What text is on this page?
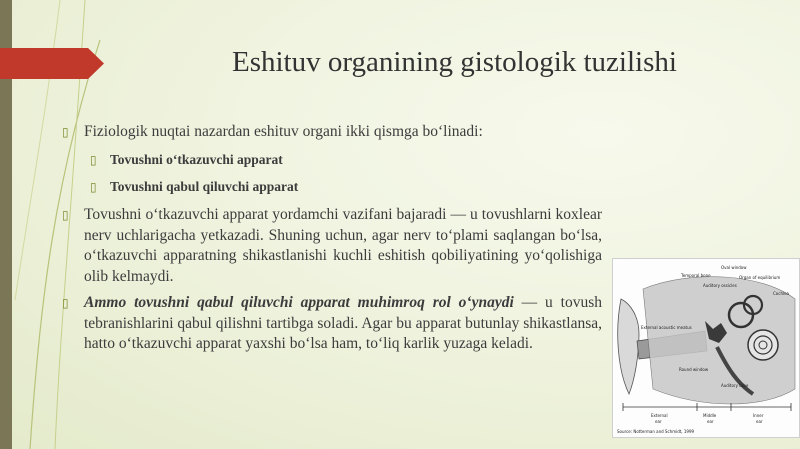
Eshituv organining gistologik tuzilishi
▯ Fiziologik nuqtai nazardan eshituv organi ikki qismga bo‘linadi:
▯ Tovushni o‘tkazuvchi apparat
▯ Tovushni qabul qiluvchi apparat
▯ Tovushni o‘tkazuvchi apparat yordamchi vazifani bajaradi — u tovushlarni koxlear nerv uchlarigacha yetkazadi. Shuning uchun, agar nerv to‘plami saqlangan bo‘lsa, o‘tkazuvchi apparatning shikastlanishi kuchli eshitish qobiliyatining yo‘qolishiga olib kelmaydi.
▯ Ammo tovushni qabul qiluvchi apparat muhimroq rol o‘ynaydi — u tovush tebranishlarini qabul qilishni tartibga soladi. Agar bu apparat butunlay shikastlansa, hatto o‘tkazuvchi apparat yaxshi bo‘lsa ham, to‘liq karlik yuzaga keladi.
Temporal bone
Oval window
Organ of equilibrium
Auditory ossicles
Cochlea
External acoustic meatus
Round window
Auditory tube
External	Middle	Inner
ear	ear	ear
Source: Notterman and Schmidt, 1999
